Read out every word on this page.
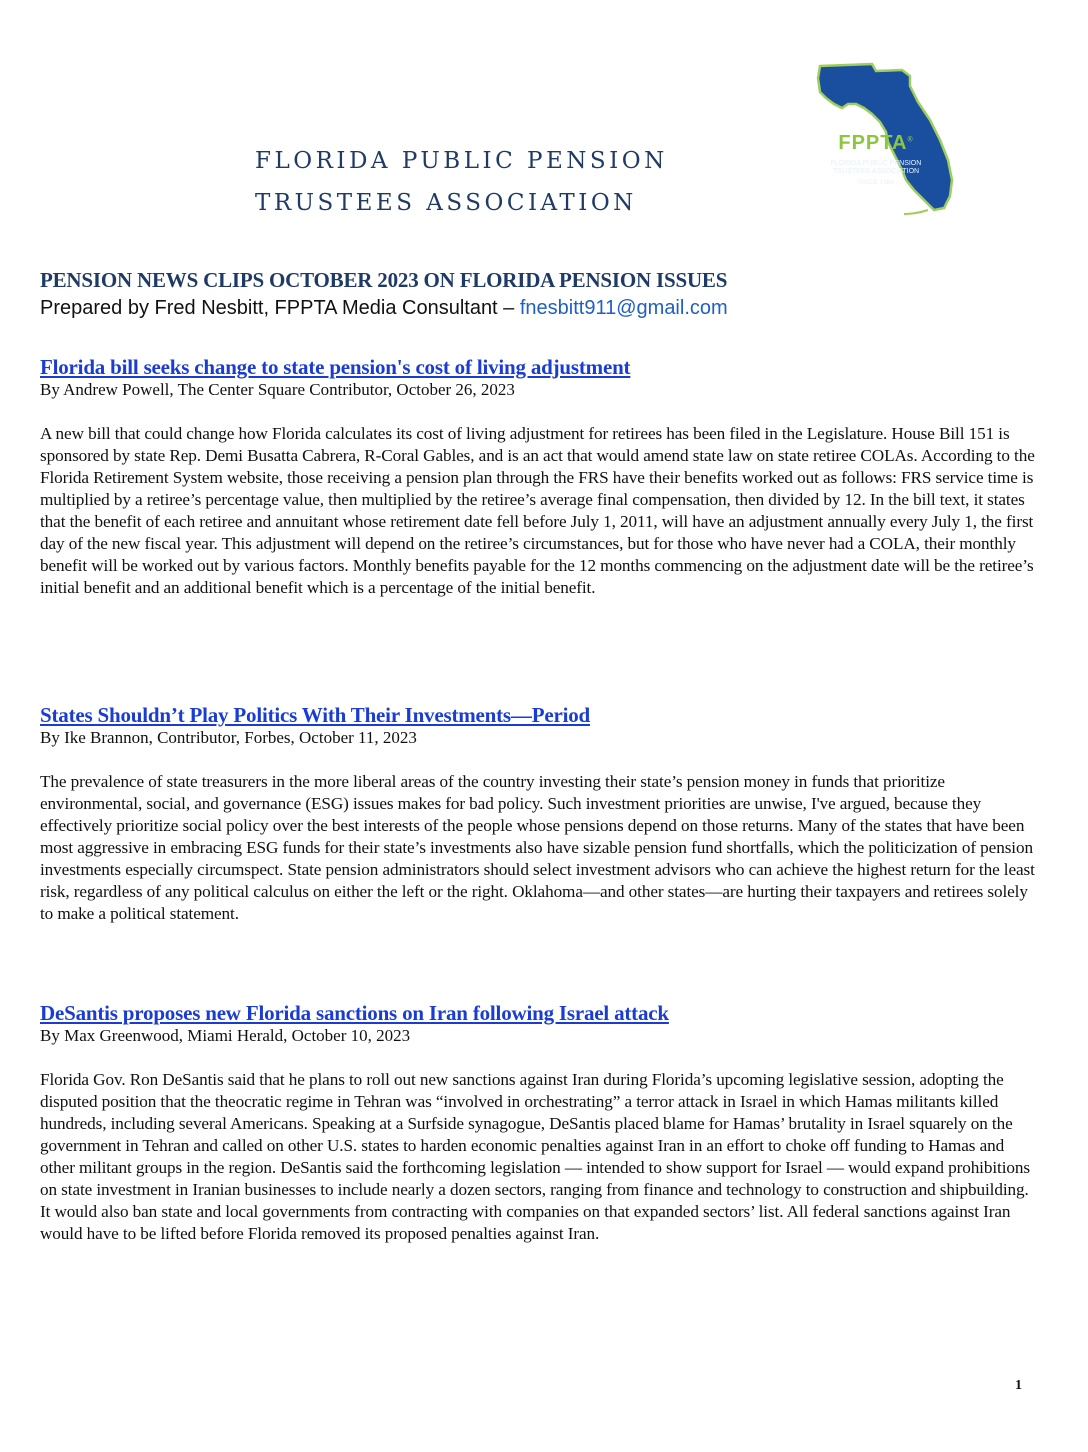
FLORIDA PUBLIC PENSION
TRUSTEES ASSOCIATION
FPPTA®
FLORIDA PUBLIC PENSION
TRUSTEES ASSOCIATION
SINCE 1984
PENSION NEWS CLIPS OCTOBER 2023 ON FLORIDA PENSION ISSUES

Prepared by Fred Nesbitt, FPPTA Media Consultant – fnesbitt911@gmail.com

Florida bill seeks change to state pension's cost of living adjustment

By Andrew Powell, The Center Square Contributor, October 26, 2023

A new bill that could change how Florida calculates its cost of living adjustment for retirees has been filed in the Legislature. House Bill 151 is sponsored by state Rep. Demi Busatta Cabrera, R-Coral Gables, and is an act that would amend state law on state retiree COLAs. According to the Florida Retirement System website, those receiving a pension plan through the FRS have their benefits worked out as follows: FRS service time is multiplied by a retiree’s percentage value, then multiplied by the retiree’s average final compensation, then divided by 12. In the bill text, it states that the benefit of each retiree and annuitant whose retirement date fell before July 1, 2011, will have an adjustment annually every July 1, the first day of the new fiscal year. This adjustment will depend on the retiree’s circumstances, but for those who have never had a COLA, their monthly benefit will be worked out by various factors. Monthly benefits payable for the 12 months commencing on the adjustment date will be the retiree’s initial benefit and an additional benefit which is a percentage of the initial benefit.

States Shouldn’t Play Politics With Their Investments—Period

By Ike Brannon, Contributor, Forbes, October 11, 2023

The prevalence of state treasurers in the more liberal areas of the country investing their state’s pension money in funds that prioritize environmental, social, and governance (ESG) issues makes for bad policy. Such investment priorities are unwise, I've argued, because they effectively prioritize social policy over the best interests of the people whose pensions depend on those returns. Many of the states that have been most aggressive in embracing ESG funds for their state’s investments also have sizable pension fund shortfalls, which the politicization of pension investments especially circumspect. State pension administrators should select investment advisors who can achieve the highest return for the least risk, regardless of any political calculus on either the left or the right. Oklahoma—and other states—are hurting their taxpayers and retirees solely to make a political statement.

DeSantis proposes new Florida sanctions on Iran following Israel attack

By Max Greenwood, Miami Herald, October 10, 2023

Florida Gov. Ron DeSantis said that he plans to roll out new sanctions against Iran during Florida’s upcoming legislative session, adopting the disputed position that the theocratic regime in Tehran was “involved in orchestrating” a terror attack in Israel in which Hamas militants killed hundreds, including several Americans. Speaking at a Surfside synagogue, DeSantis placed blame for Hamas’ brutality in Israel squarely on the government in Tehran and called on other U.S. states to harden economic penalties against Iran in an effort to choke off funding to Hamas and other militant groups in the region. DeSantis said the forthcoming legislation — intended to show support for Israel — would expand prohibitions on state investment in Iranian businesses to include nearly a dozen sectors, ranging from finance and technology to construction and shipbuilding. It would also ban state and local governments from contracting with companies on that expanded sectors’ list. All federal sanctions against Iran would have to be lifted before Florida removed its proposed penalties against Iran.

1
